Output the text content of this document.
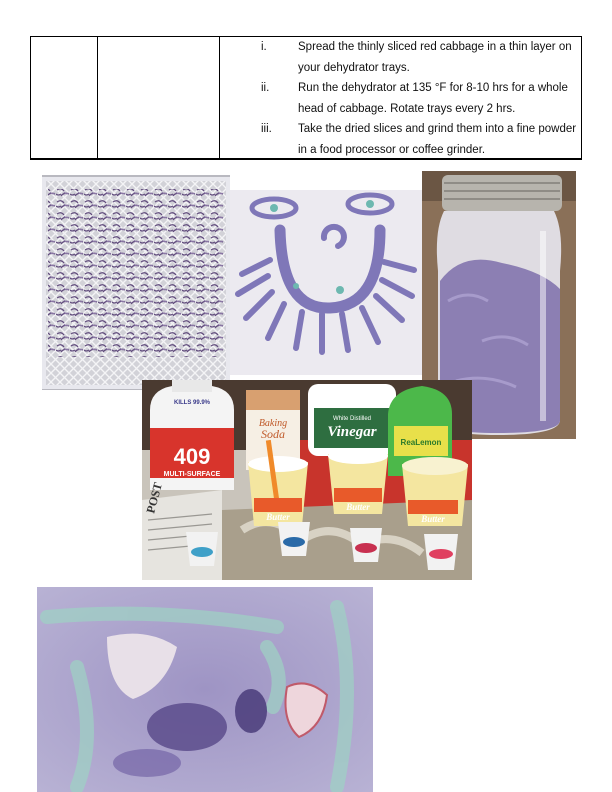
i.	Spread the thinly sliced red cabbage in a thin layer on your dehydrator trays.
ii.	Run the dehydrator at 135 °F for 8-10 hrs for a whole head of cabbage. Rotate trays every 2 hrs.
iii.	Take the dried slices and grind them into a fine powder in a food processor or coffee grinder.
409
MULTI-SURFACE
KILLS 99.9%
Baking
Soda
White Distilled
Vinegar
ReaLemon
Butter
Butter
Butter
POST
